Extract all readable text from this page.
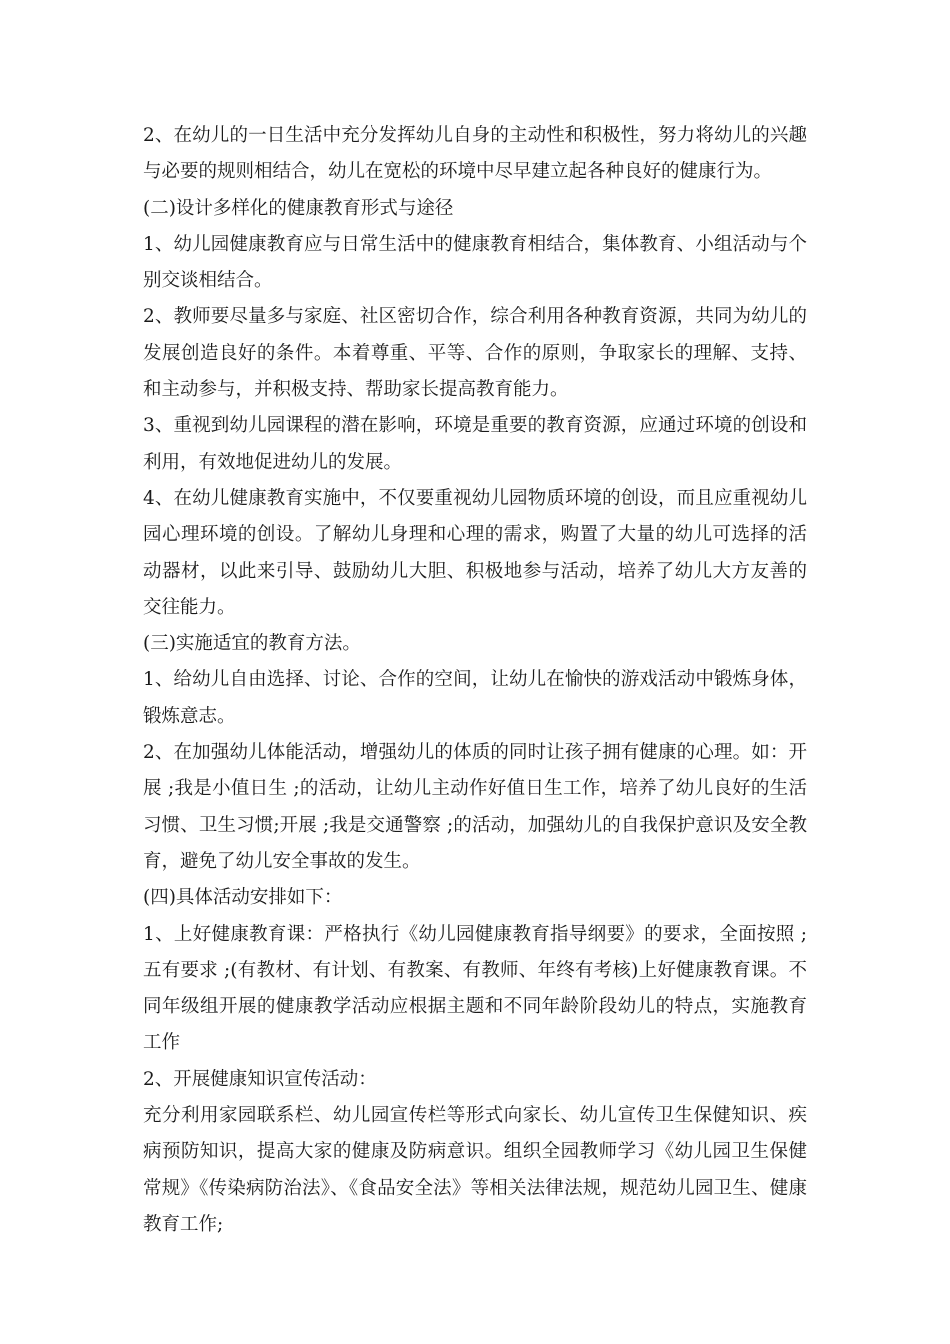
2、在幼儿的一日生活中充分发挥幼儿自身的主动性和积极性，努力将幼儿的兴趣与必要的规则相结合，幼儿在宽松的环境中尽早建立起各种良好的健康行为。

(二)设计多样化的健康教育形式与途径

1、幼儿园健康教育应与日常生活中的健康教育相结合，集体教育、小组活动与个别交谈相结合。

2、教师要尽量多与家庭、社区密切合作，综合利用各种教育资源，共同为幼儿的发展创造良好的条件。本着尊重、平等、合作的原则，争取家长的理解、支持、和主动参与，并积极支持、帮助家长提高教育能力。

3、重视到幼儿园课程的潜在影响，环境是重要的教育资源，应通过环境的创设和利用，有效地促进幼儿的发展。

4、在幼儿健康教育实施中，不仅要重视幼儿园物质环境的创设，而且应重视幼儿园心理环境的创设。了解幼儿身理和心理的需求，购置了大量的幼儿可选择的活动器材，以此来引导、鼓励幼儿大胆、积极地参与活动，培养了幼儿大方友善的交往能力。

(三)实施适宜的教育方法。

1、给幼儿自由选择、讨论、合作的空间，让幼儿在愉快的游戏活动中锻炼身体，锻炼意志。

2、在加强幼儿体能活动，增强幼儿的体质的同时让孩子拥有健康的心理。如：开展 ;我是小值日生 ;的活动，让幼儿主动作好值日生工作，培养了幼儿良好的生活习惯、卫生习惯;开展 ;我是交通警察 ;的活动，加强幼儿的自我保护意识及安全教育，避免了幼儿安全事故的发生。

(四)具体活动安排如下：

1、上好健康教育课：严格执行《幼儿园健康教育指导纲要》的要求，全面按照 ;五有要求 ;(有教材、有计划、有教案、有教师、年终有考核)上好健康教育课。不同年级组开展的健康教学活动应根据主题和不同年龄阶段幼儿的特点，实施教育工作

2、开展健康知识宣传活动：

充分利用家园联系栏、幼儿园宣传栏等形式向家长、幼儿宣传卫生保健知识、疾病预防知识，提高大家的健康及防病意识。组织全园教师学习《幼儿园卫生保健常规》《传染病防治法》、《食品安全法》等相关法律法规，规范幼儿园卫生、健康教育工作;
